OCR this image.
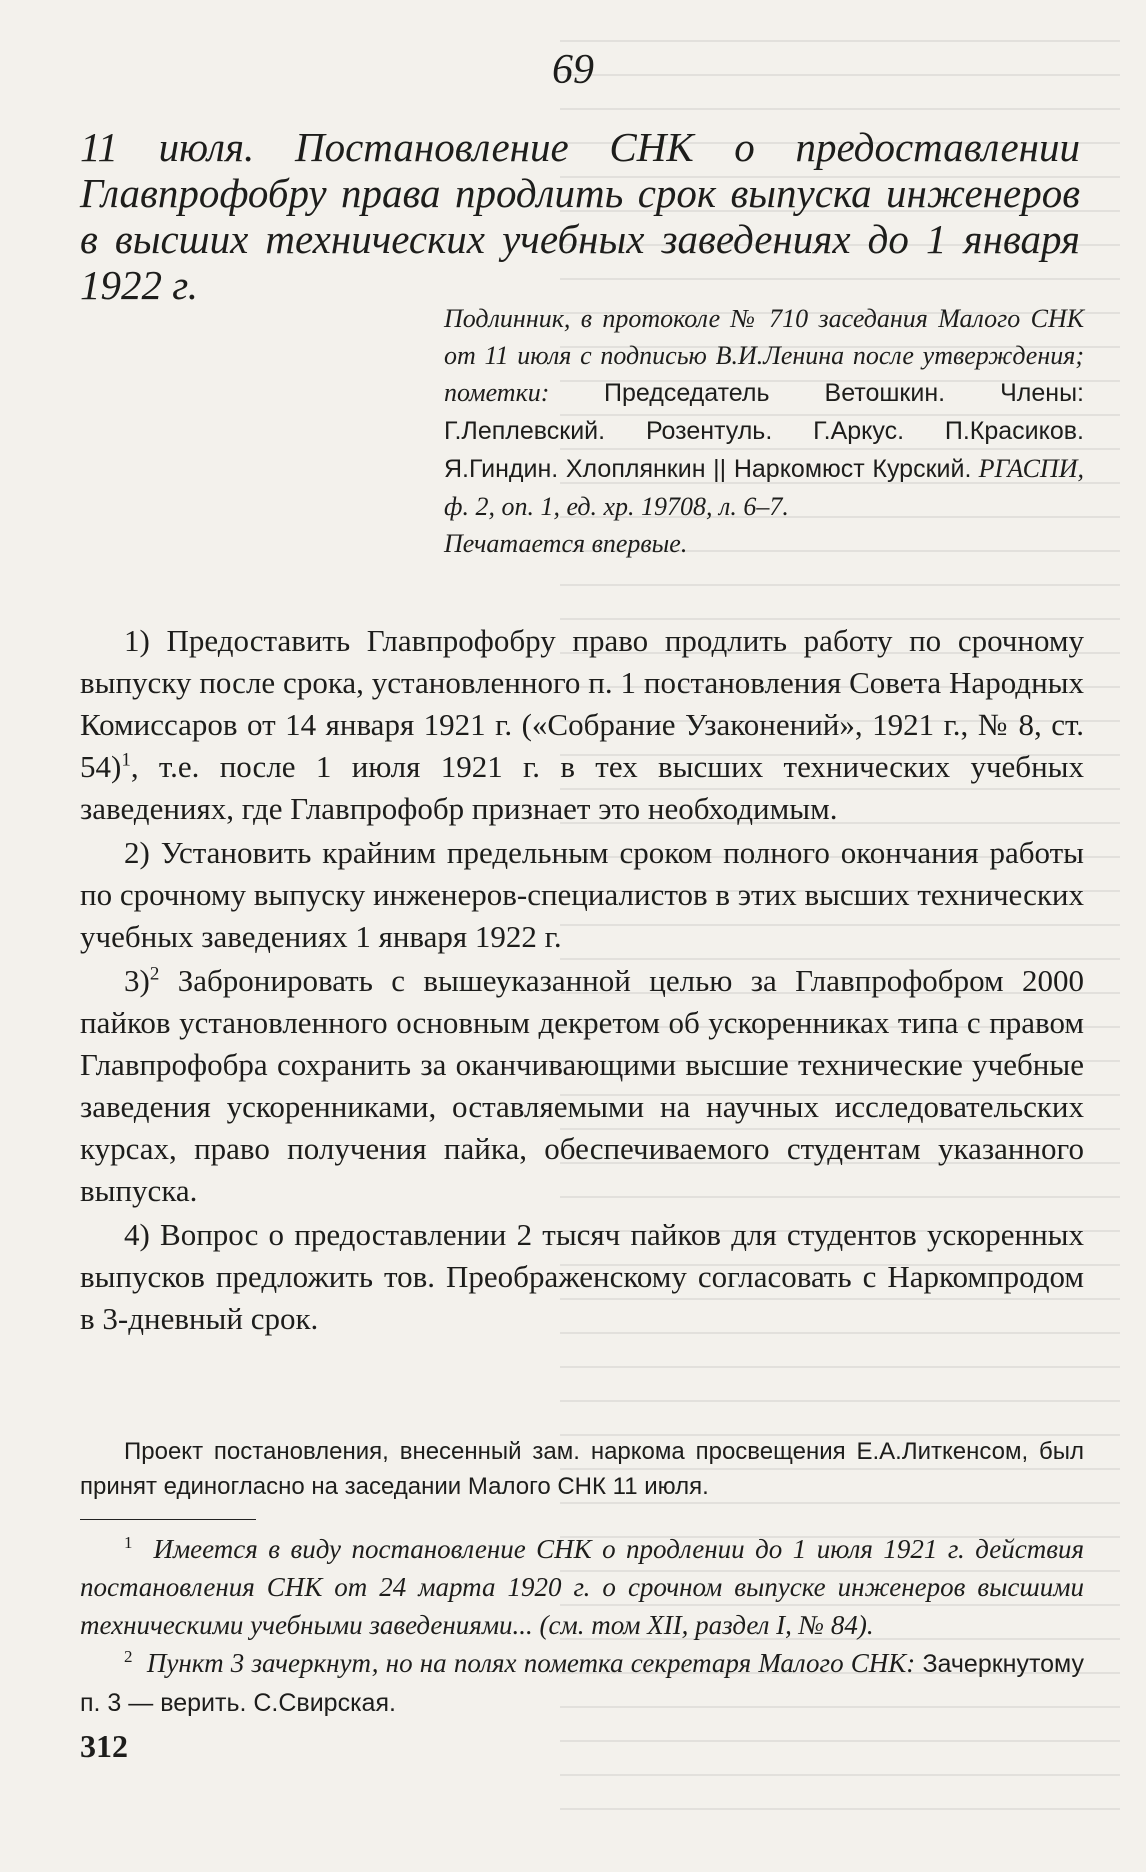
69
11 июля. Постановление СНК о предоставлении Главпрофобру права продлить срок выпуска инженеров в высших технических учебных заведениях до 1 января 1922 г.
Подлинник, в протоколе № 710 заседания Малого СНК от 11 июля с подписью В.И.Ленина после утверждения; пометки: Председатель Ветошкин. Члены: Г.Леплевский. Розентуль. Г.Аркус. П.Красиков. Я.Гиндин. Хлоплянкин || Наркомюст Курский. РГАСПИ, ф. 2, оп. 1, ед. хр. 19708, л. 6–7.
Печатается впервые.

1) Предоставить Главпрофобру право продлить работу по срочному выпуску после срока, установленного п. 1 постановления Совета Народных Комиссаров от 14 января 1921 г. («Собрание Узаконений», 1921 г., № 8, ст. 54)$^1$, т.е. после 1 июля 1921 г. в тех высших технических учебных заведениях, где Главпрофобр признает это необходимым.

2) Установить крайним предельным сроком полного окончания работы по срочному выпуску инженеров-специалистов в этих высших технических учебных заведениях 1 января 1922 г.

3)$^2$ Забронировать с вышеуказанной целью за Главпрофобром 2000 пайков установленного основным декретом об ускоренниках типа с правом Главпрофобра сохранить за оканчивающими высшие технические учебные заведения ускоренниками, оставляемыми на научных исследовательских курсах, право получения пайка, обеспечиваемого студентам указанного выпуска.

4) Вопрос о предоставлении 2 тысяч пайков для студентов ускоренных выпусков предложить тов. Преображенскому согласовать с Наркомпродом в 3-дневный срок.

Проект постановления, внесенный зам. наркома просвещения Е.А.Литкенсом, был принят единогласно на заседании Малого СНК 11 июля.

$^1$ Имеется в виду постановление СНК о продлении до 1 июля 1921 г. действия постановления СНК от 24 марта 1920 г. о срочном выпуске инженеров высшими техническими учебными заведениями... (см. том XII, раздел I, № 84).

$^2$ Пункт 3 зачеркнут, но на полях пометка секретаря Малого СНК: Зачеркнутому п. 3 — верить. С.Свирская.

312
